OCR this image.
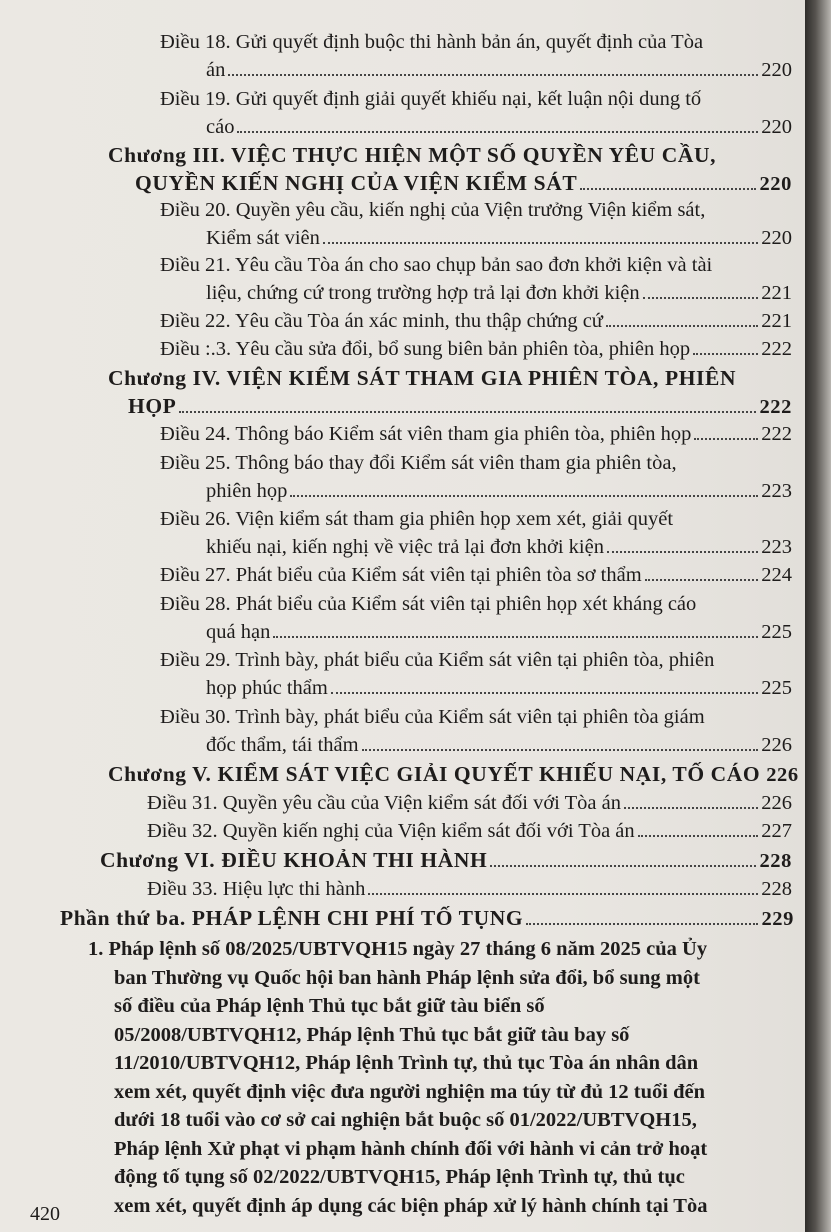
Điều 18. Gửi quyết định buộc thi hành bản án, quyết định của Tòa
án	220
Điều 19. Gửi quyết định giải quyết khiếu nại, kết luận nội dung tố
cáo	220
Chương III. VIỆC THỰC HIỆN MỘT SỐ QUYỀN YÊU CẦU,
QUYỀN KIẾN NGHỊ CỦA VIỆN KIỂM SÁT	220
Điều 20. Quyền yêu cầu, kiến nghị của Viện trưởng Viện kiểm sát,
Kiểm sát viên	220
Điều 21. Yêu cầu Tòa án cho sao chụp bản sao đơn khởi kiện và tài
liệu, chứng cứ trong trường hợp trả lại đơn khởi kiện	221
Điều 22. Yêu cầu Tòa án xác minh, thu thập chứng cứ	221
Điều :.3. Yêu cầu sửa đổi, bổ sung biên bản phiên tòa, phiên họp	222
Chương IV. VIỆN KIỂM SÁT THAM GIA PHIÊN TÒA, PHIÊN
HỌP	222
Điều 24. Thông báo Kiểm sát viên tham gia phiên tòa, phiên họp	222
Điều 25. Thông báo thay đổi Kiểm sát viên tham gia phiên tòa,
phiên họp	223
Điều 26. Viện kiểm sát tham gia phiên họp xem xét, giải quyết
khiếu nại, kiến nghị về việc trả lại đơn khởi kiện	223
Điều 27. Phát biểu của Kiểm sát viên tại phiên tòa sơ thẩm	224
Điều 28. Phát biểu của Kiểm sát viên tại phiên họp xét kháng cáo
quá hạn	225
Điều 29. Trình bày, phát biểu của Kiểm sát viên tại phiên tòa, phiên
họp phúc thẩm	225
Điều 30. Trình bày, phát biểu của Kiểm sát viên tại phiên tòa giám
đốc thẩm, tái thẩm	226
Chương V. KIỂM SÁT VIỆC GIẢI QUYẾT KHIẾU NẠI, TỐ CÁO 226
Điều 31. Quyền yêu cầu của Viện kiểm sát đối với Tòa án	226
Điều 32. Quyền kiến nghị của Viện kiểm sát đối với Tòa án	227
Chương VI. ĐIỀU KHOẢN THI HÀNH	228
Điều 33. Hiệu lực thi hành	228
Phần thứ ba. PHÁP LỆNH CHI PHÍ TỐ TỤNG	229
1. Pháp lệnh số 08/2025/UBTVQH15 ngày 27 tháng 6 năm 2025 của Ủy
ban Thường vụ Quốc hội ban hành Pháp lệnh sửa đổi, bổ sung một
số điều của Pháp lệnh Thủ tục bắt giữ tàu biển số
05/2008/UBTVQH12, Pháp lệnh Thủ tục bắt giữ tàu bay số
11/2010/UBTVQH12, Pháp lệnh Trình tự, thủ tục Tòa án nhân dân
xem xét, quyết định việc đưa người nghiện ma túy từ đủ 12 tuổi đến
dưới 18 tuổi vào cơ sở cai nghiện bắt buộc số 01/2022/UBTVQH15,
Pháp lệnh Xử phạt vi phạm hành chính đối với hành vi cản trở hoạt
động tố tụng số 02/2022/UBTVQH15, Pháp lệnh Trình tự, thủ tục
xem xét, quyết định áp dụng các biện pháp xử lý hành chính tại Tòa
420
